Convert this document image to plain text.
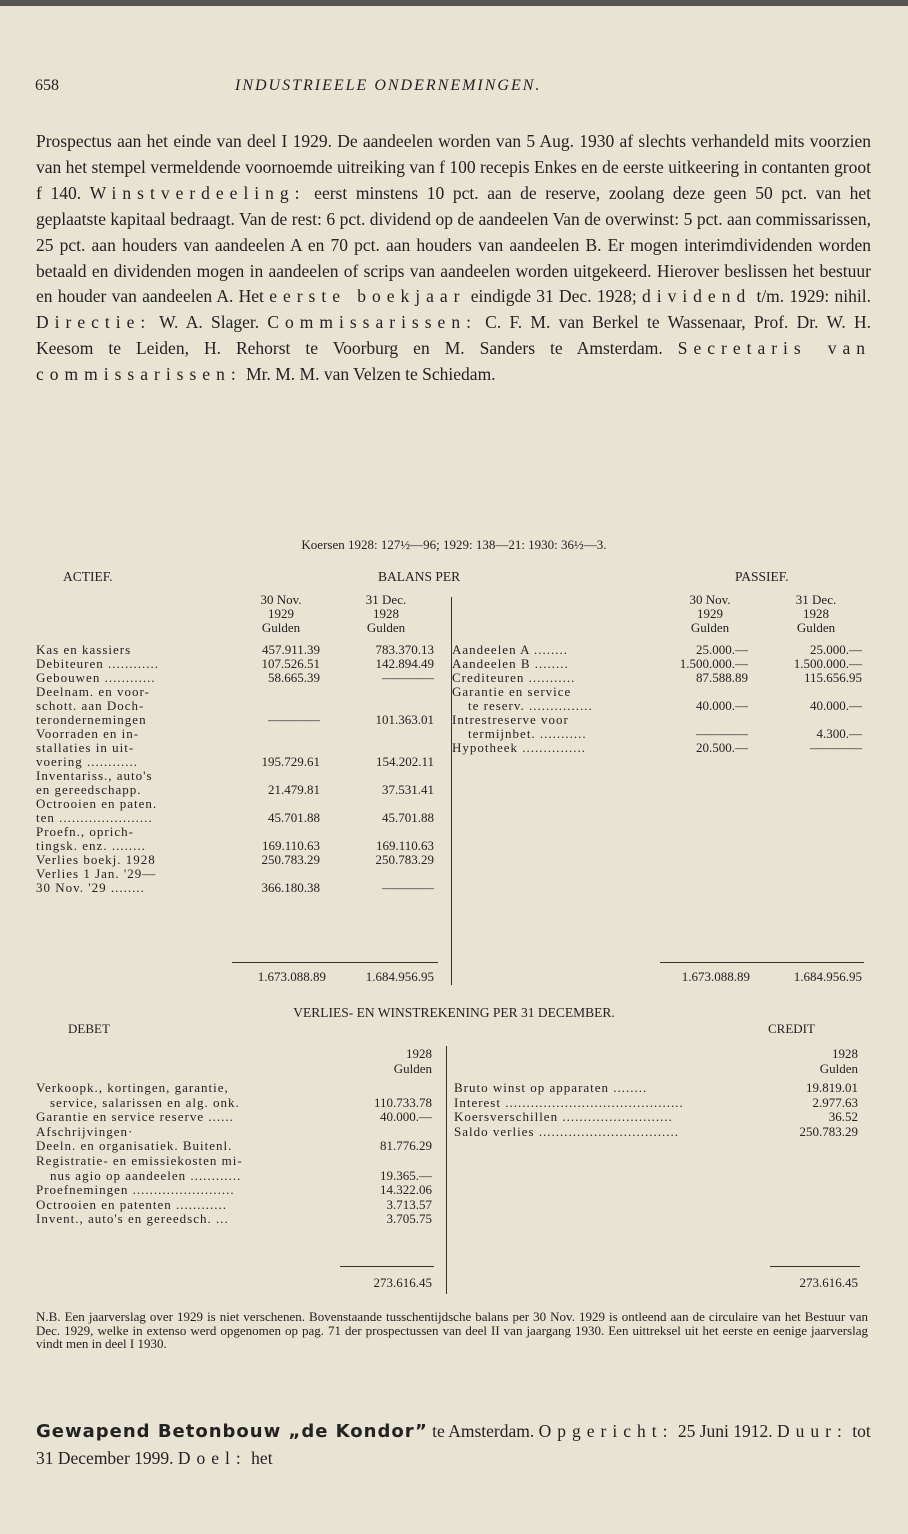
658	INDUSTRIEELE ONDERNEMINGEN.

Prospectus aan het einde van deel I 1929. De aandeelen worden van 5 Aug. 1930 af slechts verhandeld mits voorzien van het stempel vermeldende voornoemde uitreiking van f 100 recepis Enkes en de eerste uitkeering in contanten groot f 140. Winstverdeeling: eerst minstens 10 pct. aan de reserve, zoolang deze geen 50 pct. van het geplaatste kapitaal bedraagt. Van de rest: 6 pct. dividend op de aandeelen Van de overwinst: 5 pct. aan commissarissen, 25 pct. aan houders van aandeelen A en 70 pct. aan houders van aandeelen B. Er mogen interimdividenden worden betaald en dividenden mogen in aandeelen of scrips van aandeelen worden uitgekeerd. Hierover beslissen het bestuur en houder van aandeelen A. Het eerste boekjaar eindigde 31 Dec. 1928; dividend t/m. 1929: nihil. Directie: W. A. Slager. Commissarissen: C. F. M. van Berkel te Wassenaar, Prof. Dr. W. H. Keesom te Leiden, H. Rehorst te Voorburg en M. Sanders te Amsterdam. Secretaris van commissarissen: Mr. M. M. van Velzen te Schiedam.

Koersen 1928: 127½—96; 1929: 138—21: 1930: 36½—3.
ACTIEF.	BALANS PER	PASSIEF.
30 Nov.
1929
Gulden
31 Dec.
1928
Gulden
30 Nov.
1929
Gulden
31 Dec.
1928
Gulden
Kas en kassiers	457.911.39	783.370.13
Debiteuren ............	107.526.51	142.894.49
Gebouwen ............	58.665.39	————
Deelnam. en voor-
schott. aan Doch-
terondernemingen	————	101.363.01
Voorraden en in-
stallaties in uit-
voering ............	195.729.61	154.202.11
Inventariss., auto's
en gereedschapp.	21.479.81	37.531.41
Octrooien en paten.
ten ......................	45.701.88	45.701.88
Proefn., oprich-
tingsk. enz. ........	169.110.63	169.110.63
Verlies boekj. 1928	250.783.29	250.783.29
Verlies 1 Jan. '29—
30 Nov. '29 ........	366.180.38	————
Aandeelen A ........	25.000.—	25.000.—
Aandeelen B ........	1.500.000.—	1.500.000.—
Crediteuren ...........	87.588.89	115.656.95
Garantie en service
te reserv. ...............	40.000.—	40.000.—
Intrestreserve voor
termijnbet. ...........	————	4.300.—
Hypotheek ...............	20.500.—	————
1.673.088.89	1.684.956.95	1.673.088.89	1.684.956.95
VERLIES- EN WINSTREKENING PER 31 DECEMBER.
DEBET	CREDIT
1928
Gulden
1928
Gulden
Verkoopk., kortingen, garantie,
service, salarissen en alg. onk.	110.733.78
Garantie en service reserve ......	40.000.—
Afschrijvingen·
Deeln. en organisatiek. Buitenl.	81.776.29
Registratie- en emissiekosten mi-
nus agio op aandeelen ............	19.365.—
Proefnemingen ........................	14.322.06
Octrooien en patenten ............	3.713.57
Invent., auto's en gereedsch. ...	3.705.75
Bruto winst op apparaten ........	19.819.01
Interest ..........................................	2.977.63
Koersverschillen ..........................	36.52
Saldo verlies .................................	250.783.29
273.616.45	273.616.45
N.B. Een jaarverslag over 1929 is niet verschenen. Bovenstaande tusschentijdsche balans per 30 Nov. 1929 is ontleend aan de circulaire van het Bestuur van Dec. 1929, welke in extenso werd opgenomen op pag. 71 der prospectussen van deel II van jaargang 1930. Een uittreksel uit het eerste en eenige jaarverslag vindt men in deel I 1930.
Gewapend Betonbouw „de Kondor” te Amsterdam. Opgericht: 25 Juni 1912. Duur: tot 31 December 1999. Doel: het
